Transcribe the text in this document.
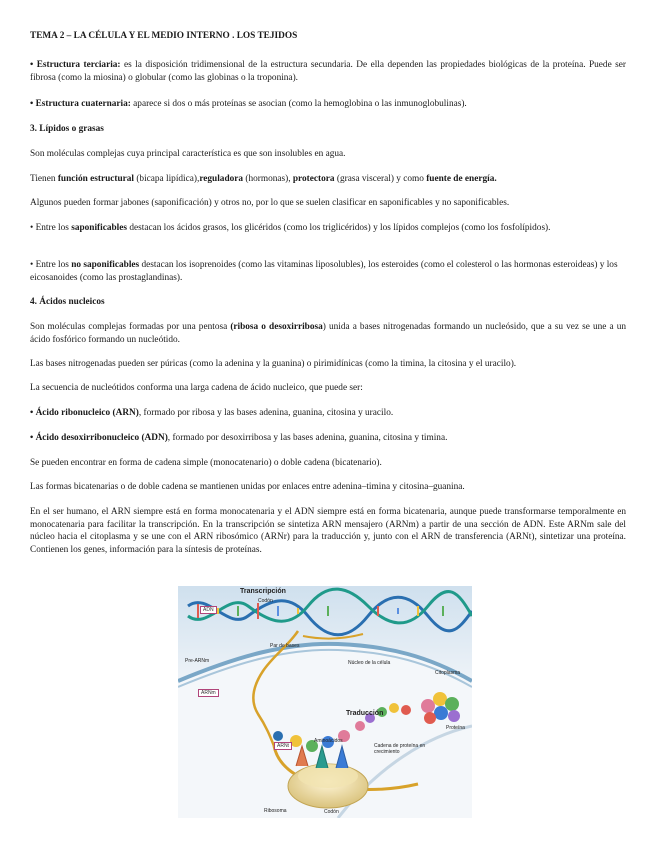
TEMA 2 – LA CÉLULA Y EL MEDIO INTERNO . LOS TEJIDOS

• Estructura terciaria: es la disposición tridimensional de la estructura secundaria. De ella dependen las propiedades biológicas de la proteína. Puede ser fibrosa (como la miosina) o globular (como las globinas o la troponina).

• Estructura cuaternaria: aparece si dos o más proteínas se asocian (como la hemoglobina o las inmunoglobulinas).

3. Lípidos o grasas

Son moléculas complejas cuya principal característica es que son insolubles en agua.

Tienen función estructural (bicapa lipídica),reguladora (hormonas), protectora (grasa visceral) y como fuente de energía.

Algunos pueden formar jabones (saponificación) y otros no, por lo que se suelen clasificar en saponificables y no saponificables.

• Entre los saponificables destacan los ácidos grasos, los glicéridos (como los triglicéridos) y los lípidos complejos (como los fosfolípidos).

• Entre los no saponificables destacan los isoprenoides (como las vitaminas liposolubles), los esteroides (como el colesterol o las hormonas esteroideas) y los eicosanoides (como las prostaglandinas).

4. Ácidos nucleicos

Son moléculas complejas formadas por una pentosa (ribosa o desoxirribosa) unida a bases nitrogenadas formando un nucleósido, que a su vez se une a un ácido fosfórico formando un nucleótido.

Las bases nitrogenadas pueden ser púricas (como la adenina y la guanina) o pirimidínicas (como la timina, la citosina y el uracilo).

La secuencia de nucleótidos conforma una larga cadena de ácido nucleico, que puede ser:

• Ácido ribonucleico (ARN), formado por ribosa y las bases adenina, guanina, citosina y uracilo.

• Ácido desoxirribonucleico (ADN), formado por desoxirribosa y las bases adenina, guanina, citosina y timina.

Se pueden encontrar en forma de cadena simple (monocatenario) o doble cadena (bicatenario).

Las formas bicatenarias o de doble cadena se mantienen unidas por enlaces entre adenina–timina y citosina–guanina.

En el ser humano, el ARN siempre está en forma monocatenaria y el ADN siempre está en forma bicatenaria, aunque puede transformarse temporalmente en monocatenaria para facilitar la transcripción. En la transcripción se sintetiza ARN mensajero (ARNm) a partir de una sección de ADN. Este ARNm sale del núcleo hacia el citoplasma y se une con el ARN ribosómico (ARNr) para la traducción y, junto con el ARN de transferencia (ARNt), sintetizar una proteína. Contienen los genes, información para la síntesis de proteínas.

Transcripción
Codón
ADN
Par de bases
Pre-ARNm	Núcleo de la célula
Citoplasma
ARNm
Traducción
Proteína
ARNt
Aminoácidos
Cadena de proteína en crecimiento
Ribosoma	Codón
